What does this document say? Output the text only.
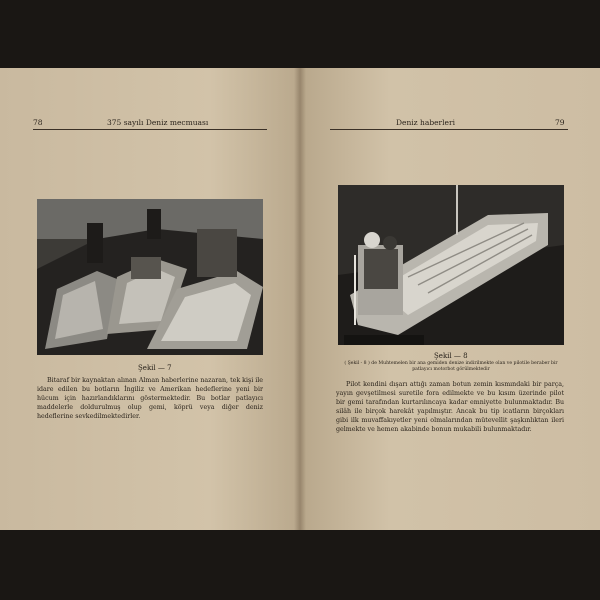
78	375 sayılı Deniz mecmuası
Şekil — 7

Bitaraf bir kaynaktan alınan Alman haberlerine nazaran, tek kişi ile idare edilen bu botların İngiliz ve Amerikan hedeflerine yeni bir hücum için hazırlandıklarını göstermektedir. Bu botlar patlayıcı maddelerle doldurulmuş olup gemi, köprü veya diğer deniz hedeflerine sevkedilmektedirler.

Deniz haberleri	79
Şekil — 8

( Şekil - 8 ) de Muhtemelen bir ana gemiden denize indirilmekte olan ve pilotile beraber bir patlayıcı motorbot görülmektedir

Pilot kendini dışarı attığı zaman botun zemin kısmındaki bir parça, yayın gevşetilmesi suretile fora edilmekte ve bu kısım üzerinde pilot bir gemi tarafından kurtarılıncaya kadar emniyette bulunmaktadır. Bu silâh ile birçok harekât yapılmıştır. Ancak bu tip icatların birçokları gibi ilk muvaffakıyetler yeni olmalarından mütevellit şaşkınlıktan ileri gelmekte ve hemen akabinde bonun mukabili bulunmaktadır.
